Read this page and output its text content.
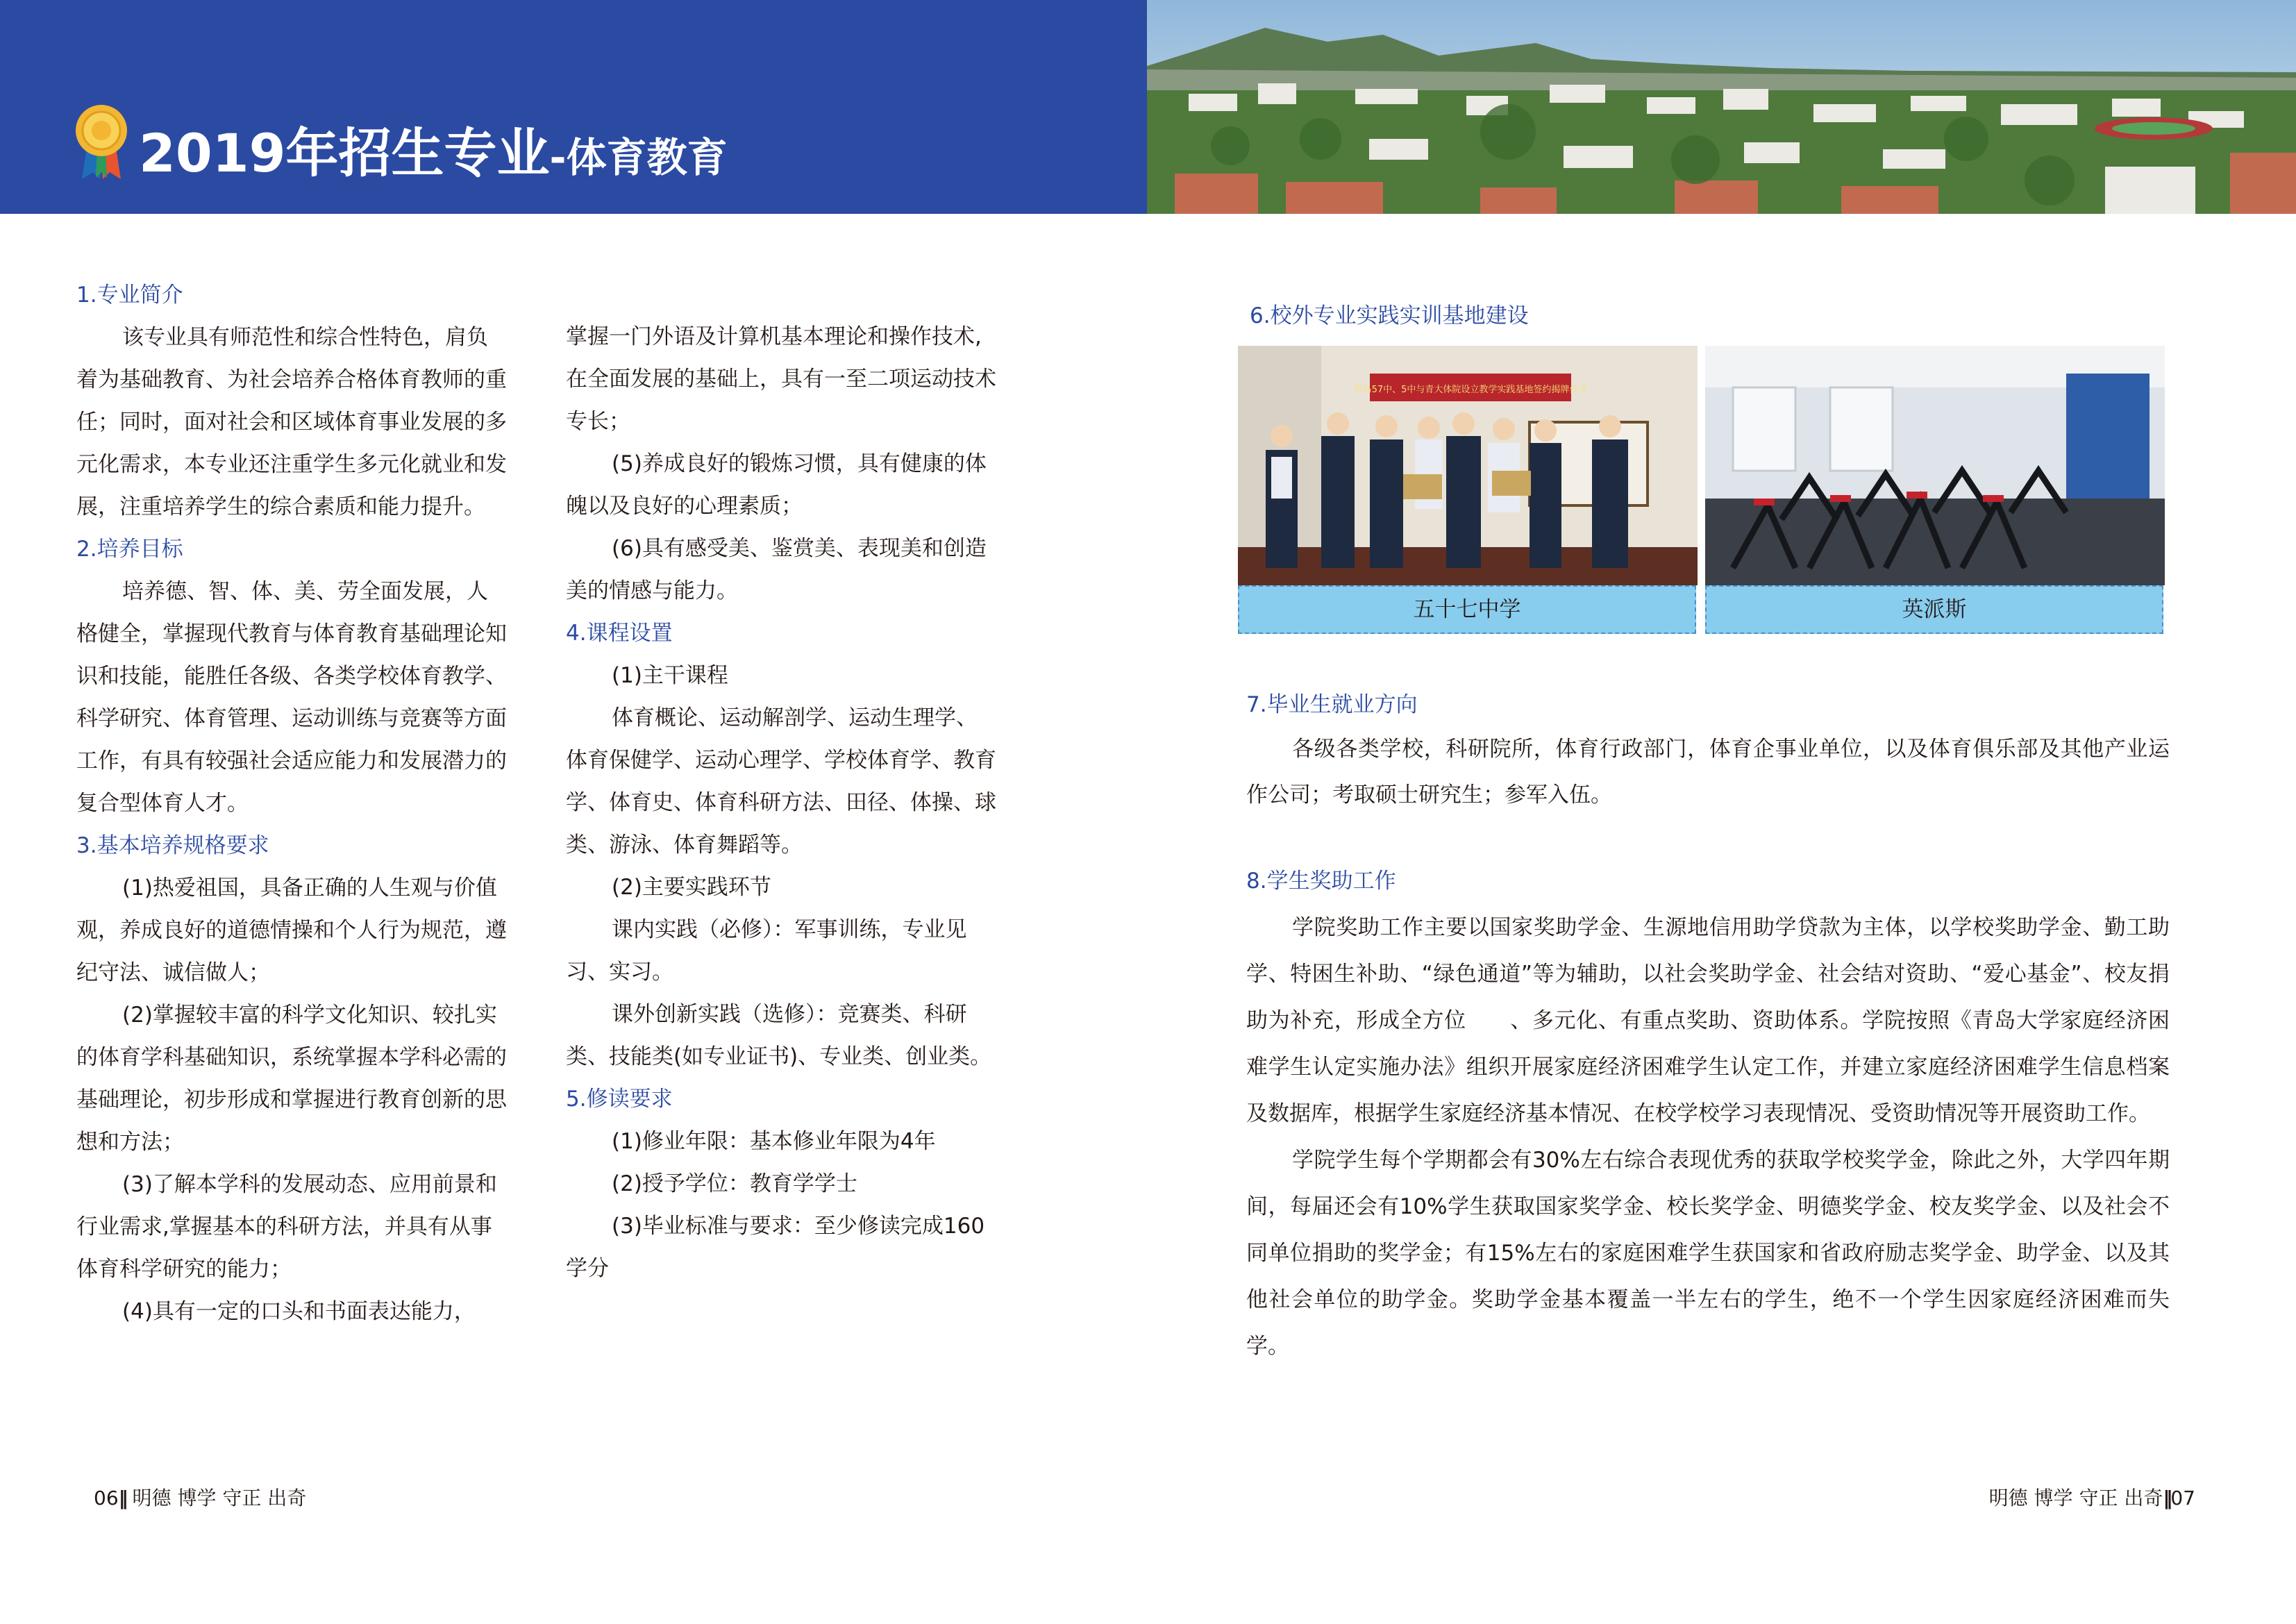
2019年招生专业-体育教育

1.专业简介

该专业具有师范性和综合性特色，肩负着为基础教育、为社会培养合格体育教师的重任；同时，面对社会和区域体育事业发展的多元化需求，本专业还注重学生多元化就业和发展，注重培养学生的综合素质和能力提升。

2.培养目标

培养德、智、体、美、劳全面发展，人格健全，掌握现代教育与体育教育基础理论知识和技能，能胜任各级、各类学校体育教学、科学研究、体育管理、运动训练与竞赛等方面工作，有具有较强社会适应能力和发展潜力的复合型体育人才。

3.基本培养规格要求

(1)热爱祖国，具备正确的人生观与价值观，养成良好的道德情操和个人行为规范，遵纪守法、诚信做人；

(2)掌握较丰富的科学文化知识、较扎实的体育学科基础知识，系统掌握本学科必需的基础理论，初步形成和掌握进行教育创新的思想和方法；

(3)了解本学科的发展动态、应用前景和行业需求,掌握基本的科研方法，并具有从事体育科学研究的能力；

(4)具有一定的口头和书面表达能力，

掌握一门外语及计算机基本理论和操作技术,在全面发展的基础上，具有一至二项运动技术专长；

(5)养成良好的锻炼习惯，具有健康的体魄以及良好的心理素质；

(6)具有感受美、鉴赏美、表现美和创造美的情感与能力。

4.课程设置

(1)主干课程

体育概论、运动解剖学、运动生理学、体育保健学、运动心理学、学校体育学、教育学、体育史、体育科研方法、田径、体操、球类、游泳、体育舞蹈等。

(2)主要实践环节

课内实践（必修）：军事训练，专业见习、实习。

课外创新实践（选修）：竞赛类、科研类、技能类(如专业证书)、专业类、创业类。

5.修读要求

(1)修业年限：基本修业年限为4年

(2)授予学位：教育学学士

(3)毕业标准与要求：至少修读完成160学分

6.校外专业实践实训基地建设

青岛57中、5中与青大体院设立教学实践基地签约揭牌仪式
五十七中学	英派斯

7.毕业生就业方向

各级各类学校，科研院所，体育行政部门，体育企事业单位，以及体育俱乐部及其他产业运作公司；考取硕士研究生；参军入伍。

8.学生奖助工作

学院奖助工作主要以国家奖助学金、生源地信用助学贷款为主体，以学校奖助学金、勤工助学、特困生补助、“绿色通道”等为辅助，以社会奖助学金、社会结对资助、“爱心基金”、校友捐助为补充，形成全方位　　、多元化、有重点奖助、资助体系。学院按照《青岛大学家庭经济困难学生认定实施办法》组织开展家庭经济困难学生认定工作，并建立家庭经济困难学生信息档案及数据库，根据学生家庭经济基本情况、在校学校学习表现情况、受资助情况等开展资助工作。

学院学生每个学期都会有30%左右综合表现优秀的获取学校奖学金，除此之外，大学四年期间，每届还会有10%学生获取国家奖学金、校长奖学金、明德奖学金、校友奖学金、以及社会不同单位捐助的奖学金；有15%左右的家庭困难学生获国家和省政府励志奖学金、助学金、以及其他社会单位的助学金。奖助学金基本覆盖一半左右的学生，绝不一个学生因家庭经济困难而失学。

06‖ 明德 博学 守正 出奇	明德 博学 守正 出奇‖07
